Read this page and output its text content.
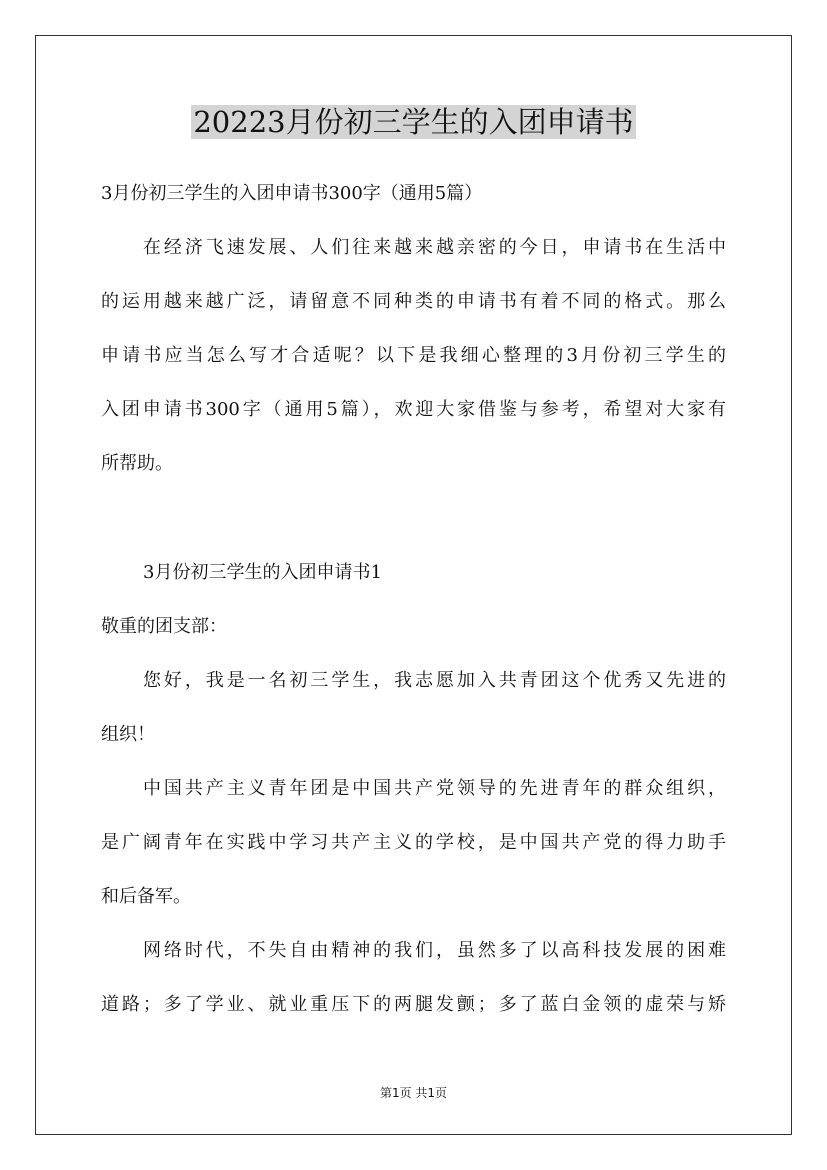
20223月份初三学生的入团申请书
3月份初三学生的入团申请书300字（通用5篇）
在经济飞速发展、人们往来越来越亲密的今日，申请书在生活中
的运用越来越广泛，请留意不同种类的申请书有着不同的格式。那么
申请书应当怎么写才合适呢？以下是我细心整理的3月份初三学生的
入团申请书300字（通用5篇），欢迎大家借鉴与参考，希望对大家有
所帮助。
3月份初三学生的入团申请书1
敬重的团支部：
您好，我是一名初三学生，我志愿加入共青团这个优秀又先进的
组织！
中国共产主义青年团是中国共产党领导的先进青年的群众组织，
是广阔青年在实践中学习共产主义的学校，是中国共产党的得力助手
和后备军。
网络时代，不失自由精神的我们，虽然多了以高科技发展的困难
道路；多了学业、就业重压下的两腿发颤；多了蓝白金领的虚荣与矫
第1页 共1页
